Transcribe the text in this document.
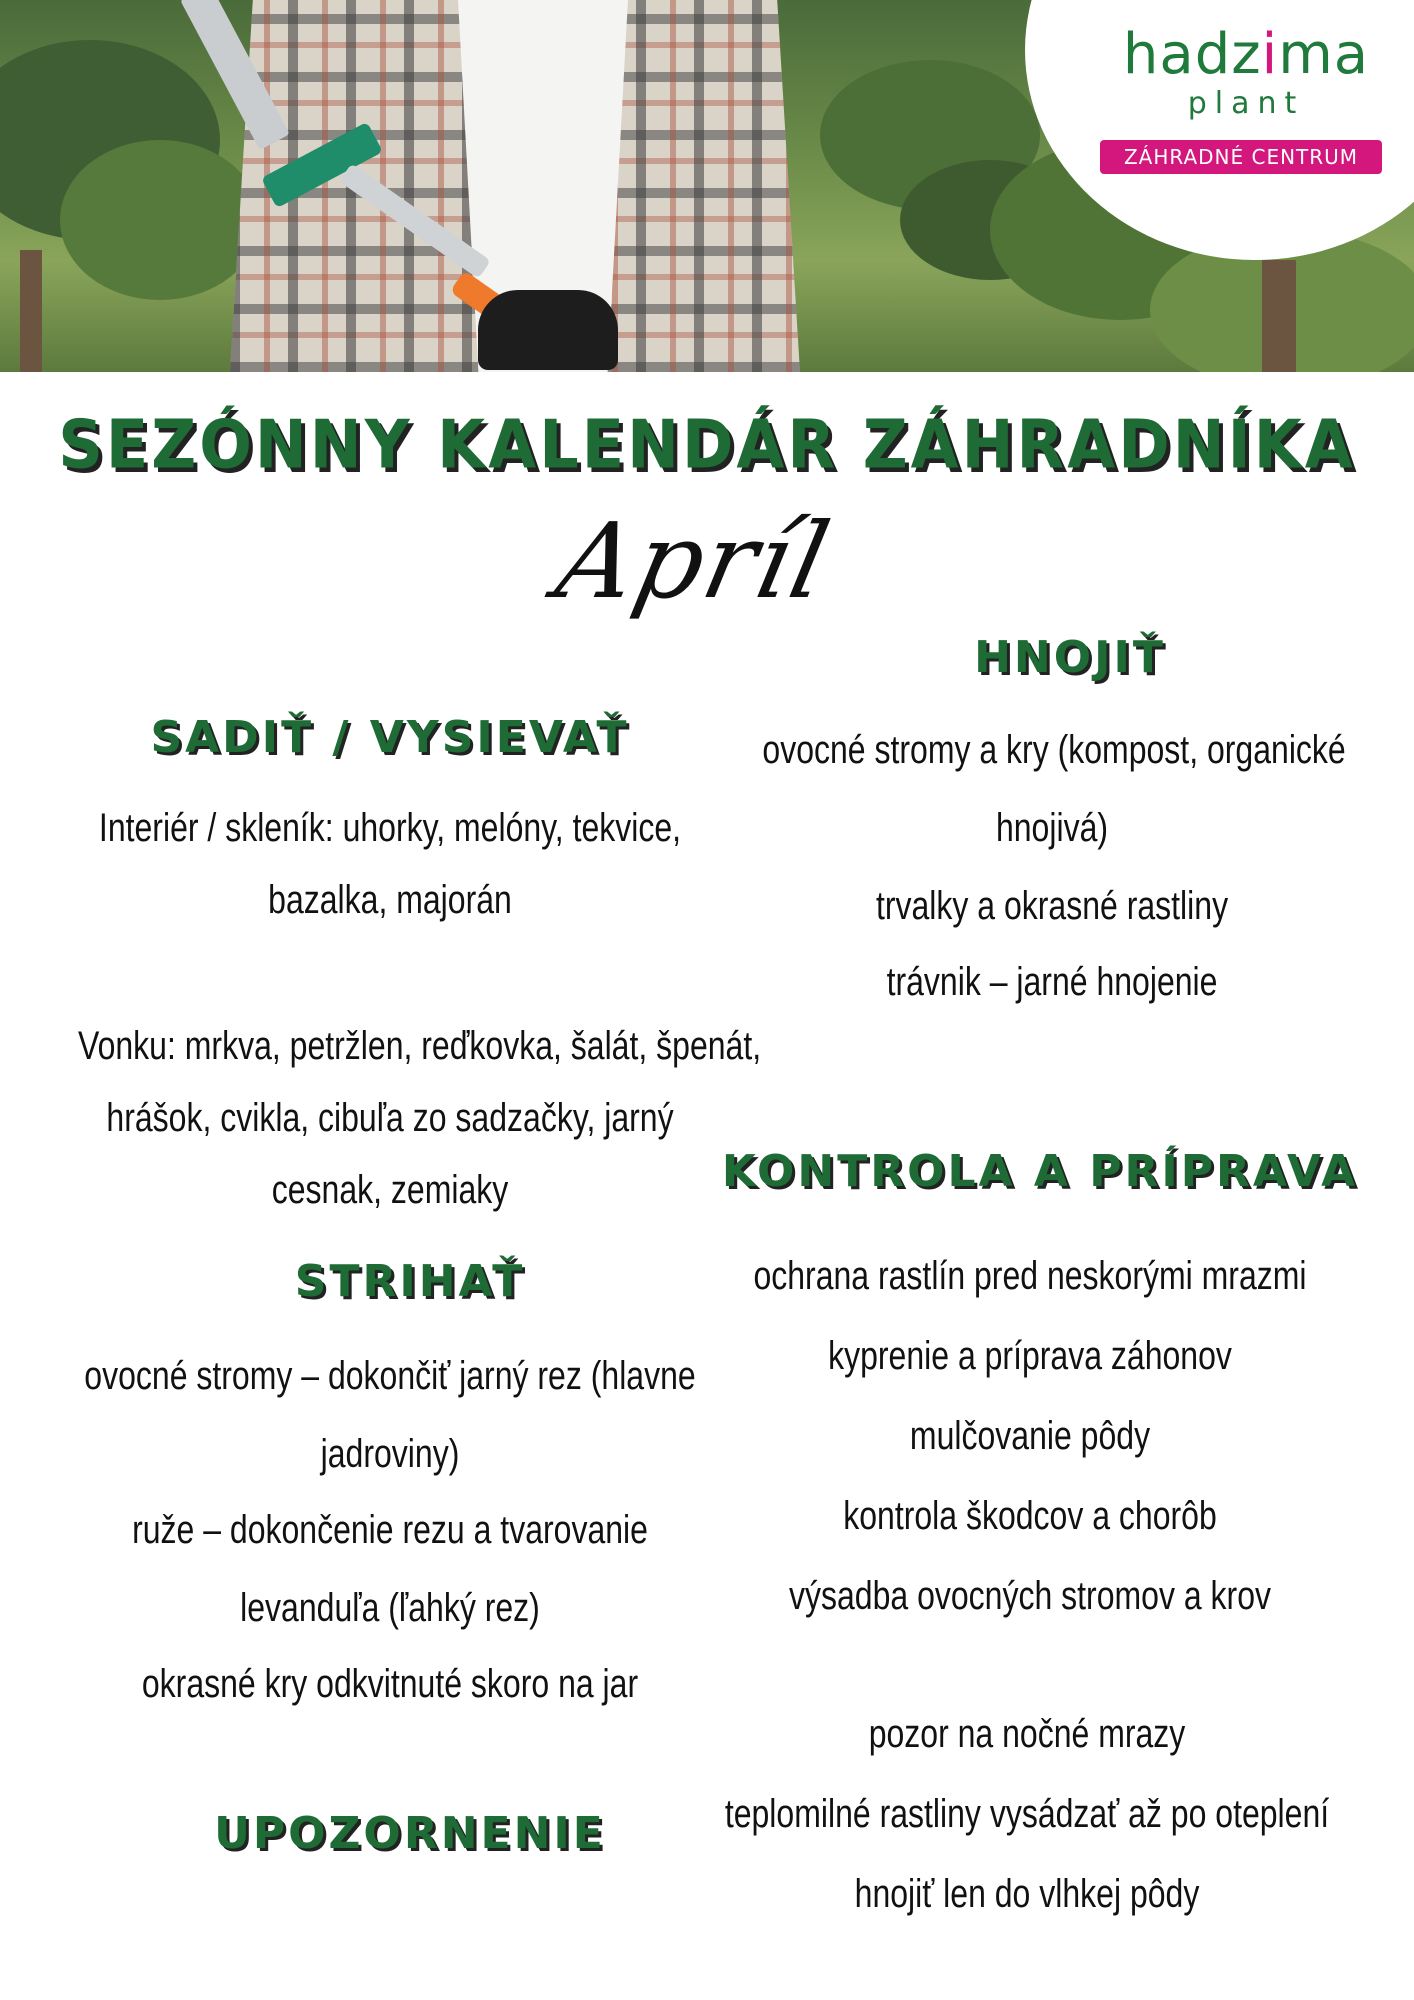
hadzima
plant
ZÁHRADNÉ CENTRUM
SEZÓNNY KALENDÁR ZÁHRADNÍKA
Apríl
SADIŤ / VYSIEVAŤ
Interiér / skleník: uhorky, melóny, tekvice,
bazalka, majorán
Vonku: mrkva, petržlen, reďkovka, šalát, špenát,
hrášok, cvikla, cibuľa zo sadzačky, jarný
cesnak, zemiaky
HNOJIŤ
ovocné stromy a kry (kompost, organické
hnojivá)
trvalky a okrasné rastliny
trávnik – jarné hnojenie
STRIHAŤ
ovocné stromy – dokončiť jarný rez (hlavne
jadroviny)
ruže – dokončenie rezu a tvarovanie
levanduľa (ľahký rez)
okrasné kry odkvitnuté skoro na jar
KONTROLA A PRÍPRAVA
ochrana rastlín pred neskorými mrazmi
kyprenie a príprava záhonov
mulčovanie pôdy
kontrola škodcov a chorôb
výsadba ovocných stromov a krov
UPOZORNENIE
pozor na nočné mrazy
teplomilné rastliny vysádzať až po oteplení
hnojiť len do vlhkej pôdy
